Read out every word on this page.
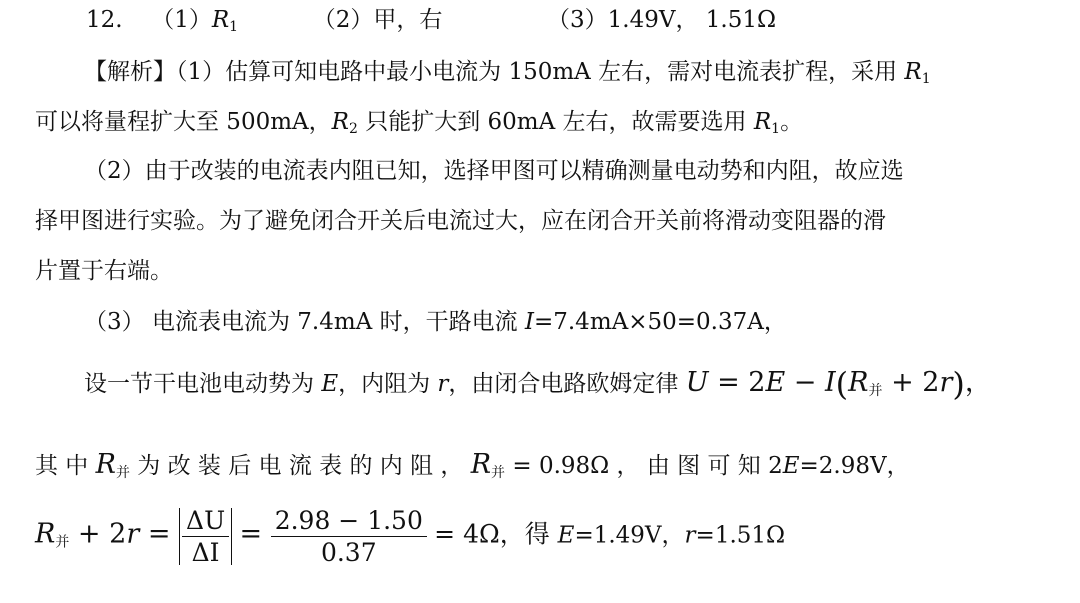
12. $(1)R_1$	（2）甲，右	（3）1.49V， 1.51Ω
【解析】（1）估算可知电路中最小电流为 150mA 左右，需对电流表扩程，采用 $R_1$
可以将量程扩大至 500mA，$R_2$ 只能扩大到 60mA 左右，故需要选用 $R_1$。
（2）由于改装的电流表内阻已知，选择甲图可以精确测量电动势和内阻，故应选
择甲图进行实验。为了避免闭合开关后电流过大，应在闭合开关前将滑动变阻器的滑
片置于右端。
（3） 电流表电流为 7.4mA 时，干路电流 I=7.4mA×50=0.37A，
设一节干电池电动势为 E，内阻为 r，由闭合电路欧姆定律 $U = 2E - I(R_并 + 2r)$，
其 中 $R_并$ 为 改 装 后 电 流 表 的 内 阻 ， $R_并 = 0.98\Omega$ ， 由 图 可 知 2E=2.98V，
$R_并 + 2r = \frac{\Delta U}{\Delta I} = \frac{2.98 - 1.50}{0.37} = 4\Omega$，得 E=1.49V，r=1.51Ω
